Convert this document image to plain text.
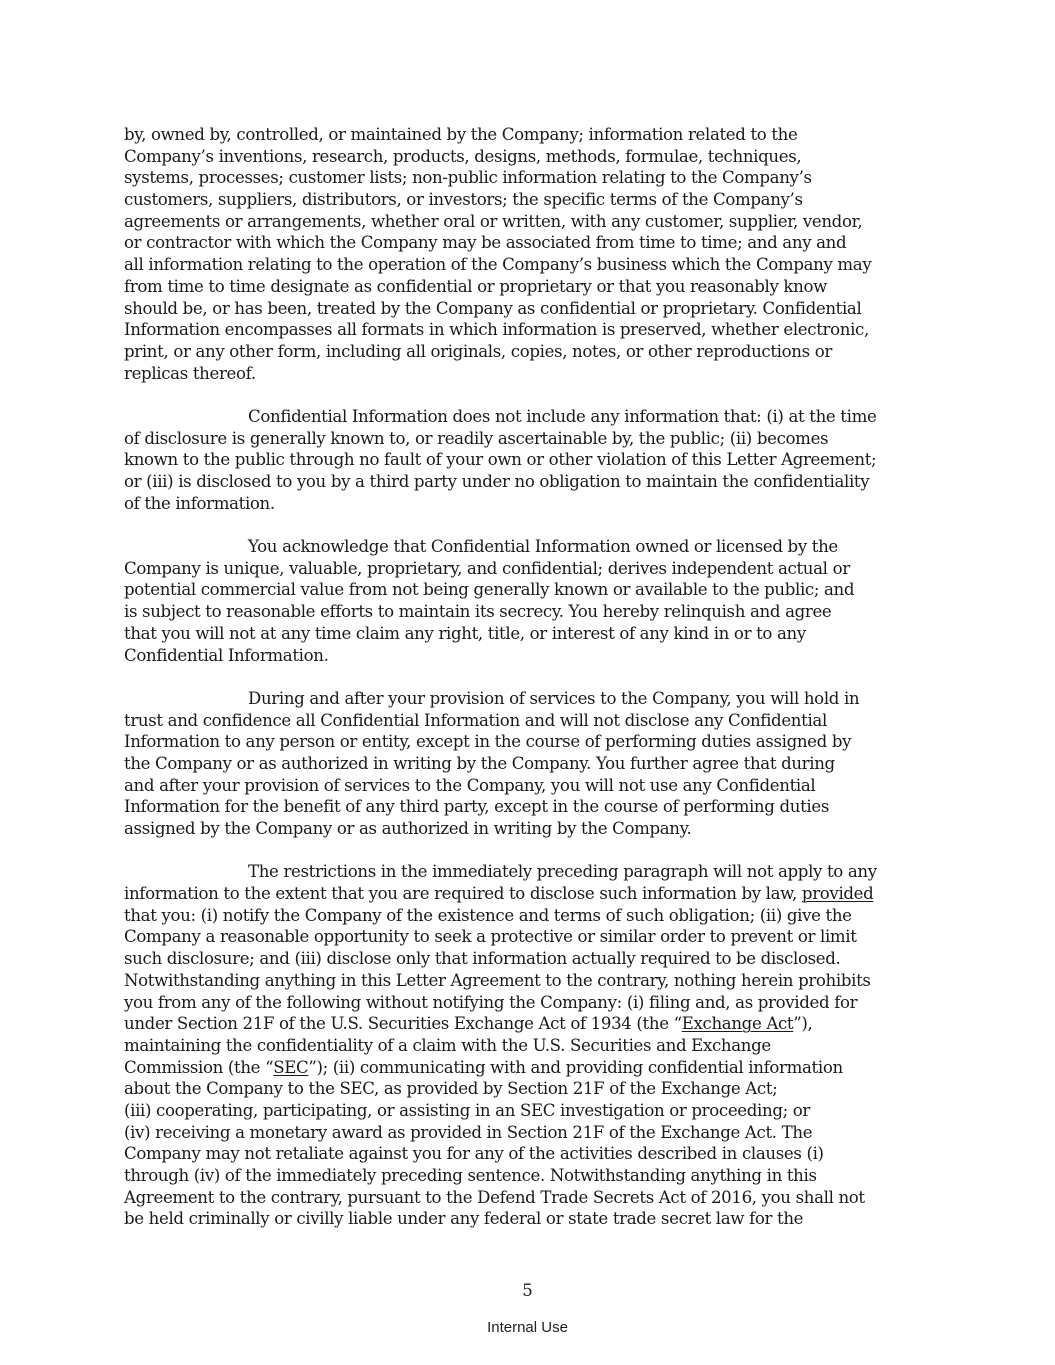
by, owned by, controlled, or maintained by the Company; information related to the
Company’s inventions, research, products, designs, methods, formulae, techniques,
systems, processes; customer lists; non-public information relating to the Company’s
customers, suppliers, distributors, or investors; the specific terms of the Company’s
agreements or arrangements, whether oral or written, with any customer, supplier, vendor,
or contractor with which the Company may be associated from time to time; and any and
all information relating to the operation of the Company’s business which the Company may
from time to time designate as confidential or proprietary or that you reasonably know
should be, or has been, treated by the Company as confidential or proprietary. Confidential
Information encompasses all formats in which information is preserved, whether electronic,
print, or any other form, including all originals, copies, notes, or other reproductions or
replicas thereof.
Confidential Information does not include any information that: (i) at the time
of disclosure is generally known to, or readily ascertainable by, the public; (ii) becomes
known to the public through no fault of your own or other violation of this Letter Agreement;
or (iii) is disclosed to you by a third party under no obligation to maintain the confidentiality
of the information.
You acknowledge that Confidential Information owned or licensed by the
Company is unique, valuable, proprietary, and confidential; derives independent actual or
potential commercial value from not being generally known or available to the public; and
is subject to reasonable efforts to maintain its secrecy. You hereby relinquish and agree
that you will not at any time claim any right, title, or interest of any kind in or to any
Confidential Information.
During and after your provision of services to the Company, you will hold in
trust and confidence all Confidential Information and will not disclose any Confidential
Information to any person or entity, except in the course of performing duties assigned by
the Company or as authorized in writing by the Company. You further agree that during
and after your provision of services to the Company, you will not use any Confidential
Information for the benefit of any third party, except in the course of performing duties
assigned by the Company or as authorized in writing by the Company.
The restrictions in the immediately preceding paragraph will not apply to any
information to the extent that you are required to disclose such information by law, provided
that you: (i) notify the Company of the existence and terms of such obligation; (ii) give the
Company a reasonable opportunity to seek a protective or similar order to prevent or limit
such disclosure; and (iii) disclose only that information actually required to be disclosed.
Notwithstanding anything in this Letter Agreement to the contrary, nothing herein prohibits
you from any of the following without notifying the Company: (i) filing and, as provided for
under Section 21F of the U.S. Securities Exchange Act of 1934 (the “Exchange Act”),
maintaining the confidentiality of a claim with the U.S. Securities and Exchange
Commission (the “SEC”); (ii) communicating with and providing confidential information
about the Company to the SEC, as provided by Section 21F of the Exchange Act;
(iii) cooperating, participating, or assisting in an SEC investigation or proceeding; or
(iv) receiving a monetary award as provided in Section 21F of the Exchange Act. The
Company may not retaliate against you for any of the activities described in clauses (i)
through (iv) of the immediately preceding sentence. Notwithstanding anything in this
Agreement to the contrary, pursuant to the Defend Trade Secrets Act of 2016, you shall not
be held criminally or civilly liable under any federal or state trade secret law for the
5
Internal Use
